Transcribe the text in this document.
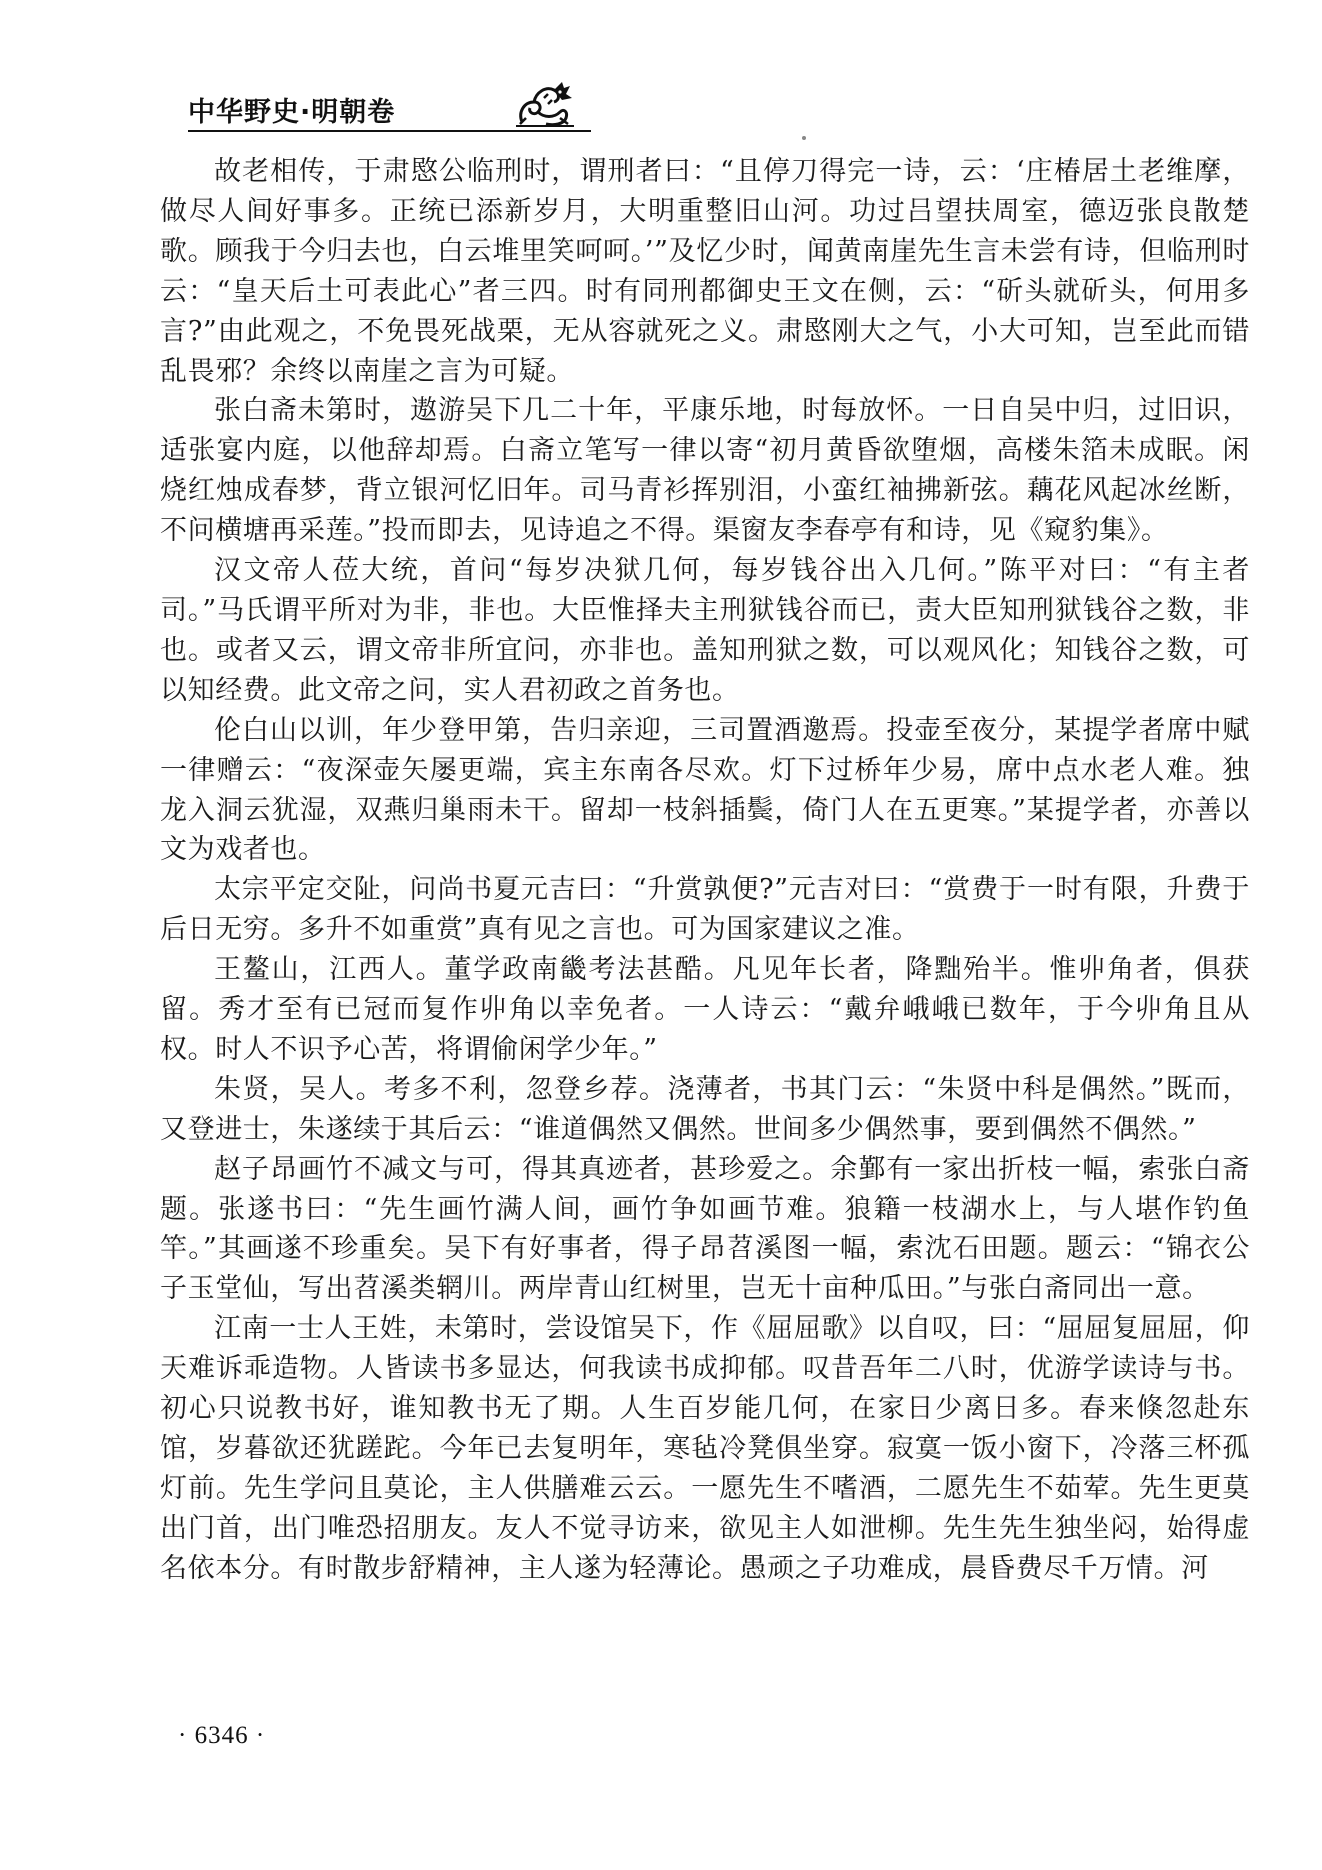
中华野史·明朝卷

故老相传，于肃愍公临刑时，谓刑者曰：“且停刀得完一诗，云：‘庄椿居土老维摩，做尽人间好事多。正统已添新岁月，大明重整旧山河。功过吕望扶周室，德迈张良散楚歌。顾我于今归去也，白云堆里笑呵呵。’”及忆少时，闻黄南崖先生言未尝有诗，但临刑时云：“皇天后土可表此心”者三四。时有同刑都御史王文在侧，云：“斫头就斫头，何用多言?”由此观之，不免畏死战栗，无从容就死之义。肃愍刚大之气，小大可知，岂至此而错乱畏邪？余终以南崖之言为可疑。

张白斋未第时，遨游吴下几二十年，平康乐地，时每放怀。一日自吴中归，过旧识，适张宴内庭，以他辞却焉。白斋立笔写一律以寄“初月黄昏欲堕烟，高楼朱箔未成眠。闲烧红烛成春梦，背立银河忆旧年。司马青衫挥别泪，小蛮红袖拂新弦。藕花风起冰丝断，不问横塘再采莲。”投而即去，见诗追之不得。渠窗友李春亭有和诗，见《窥豹集》。

汉文帝人莅大统，首问“每岁决狱几何，每岁钱谷出入几何。”陈平对曰：“有主者司。”马氏谓平所对为非，非也。大臣惟择夫主刑狱钱谷而已，责大臣知刑狱钱谷之数，非也。或者又云，谓文帝非所宜问，亦非也。盖知刑狱之数，可以观风化；知钱谷之数，可以知经费。此文帝之问，实人君初政之首务也。

伦白山以训，年少登甲第，告归亲迎，三司置酒邀焉。投壶至夜分，某提学者席中赋一律赠云：“夜深壶矢屡更端，宾主东南各尽欢。灯下过桥年少易，席中点水老人难。独龙入洞云犹湿，双燕归巢雨未干。留却一枝斜插鬓，倚门人在五更寒。”某提学者，亦善以文为戏者也。

太宗平定交阯，问尚书夏元吉曰：“升赏孰便?”元吉对曰：“赏费于一时有限，升费于后日无穷。多升不如重赏”真有见之言也。可为国家建议之准。

王鳌山，江西人。董学政南畿考法甚酷。凡见年长者，降黜殆半。惟丱角者，俱获留。秀才至有已冠而复作丱角以幸免者。一人诗云：“戴弁峨峨已数年，于今丱角且从权。时人不识予心苦，将谓偷闲学少年。”

朱贤，吴人。考多不利，忽登乡荐。浇薄者，书其门云：“朱贤中科是偶然。”既而，又登进士，朱遂续于其后云：“谁道偶然又偶然。世间多少偶然事，要到偶然不偶然。”

赵子昂画竹不减文与可，得其真迹者，甚珍爱之。余鄞有一家出折枝一幅，索张白斋题。张遂书曰：“先生画竹满人间，画竹争如画节难。狼籍一枝湖水上，与人堪作钓鱼竿。”其画遂不珍重矣。吴下有好事者，得子昂苕溪图一幅，索沈石田题。题云：“锦衣公子玉堂仙，写出苕溪类辋川。两岸青山红树里，岂无十亩种瓜田。”与张白斋同出一意。

江南一士人王姓，未第时，尝设馆吴下，作《屈屈歌》以自叹，曰：“屈屈复屈屈，仰天难诉乖造物。人皆读书多显达，何我读书成抑郁。叹昔吾年二八时，优游学读诗与书。初心只说教书好，谁知教书无了期。人生百岁能几何，在家日少离日多。春来倏忽赴东馆，岁暮欲还犹蹉跎。今年已去复明年，寒毡冷凳俱坐穿。寂寞一饭小窗下，冷落三杯孤灯前。先生学问且莫论，主人供膳难云云。一愿先生不嗜酒，二愿先生不茹荤。先生更莫出门首，出门唯恐招朋友。友人不觉寻访来，欲见主人如泄柳。先生先生独坐闷，始得虚名依本分。有时散步舒精神，主人遂为轻薄论。愚顽之子功难成，晨昏费尽千万情。河

· 6346 ·
